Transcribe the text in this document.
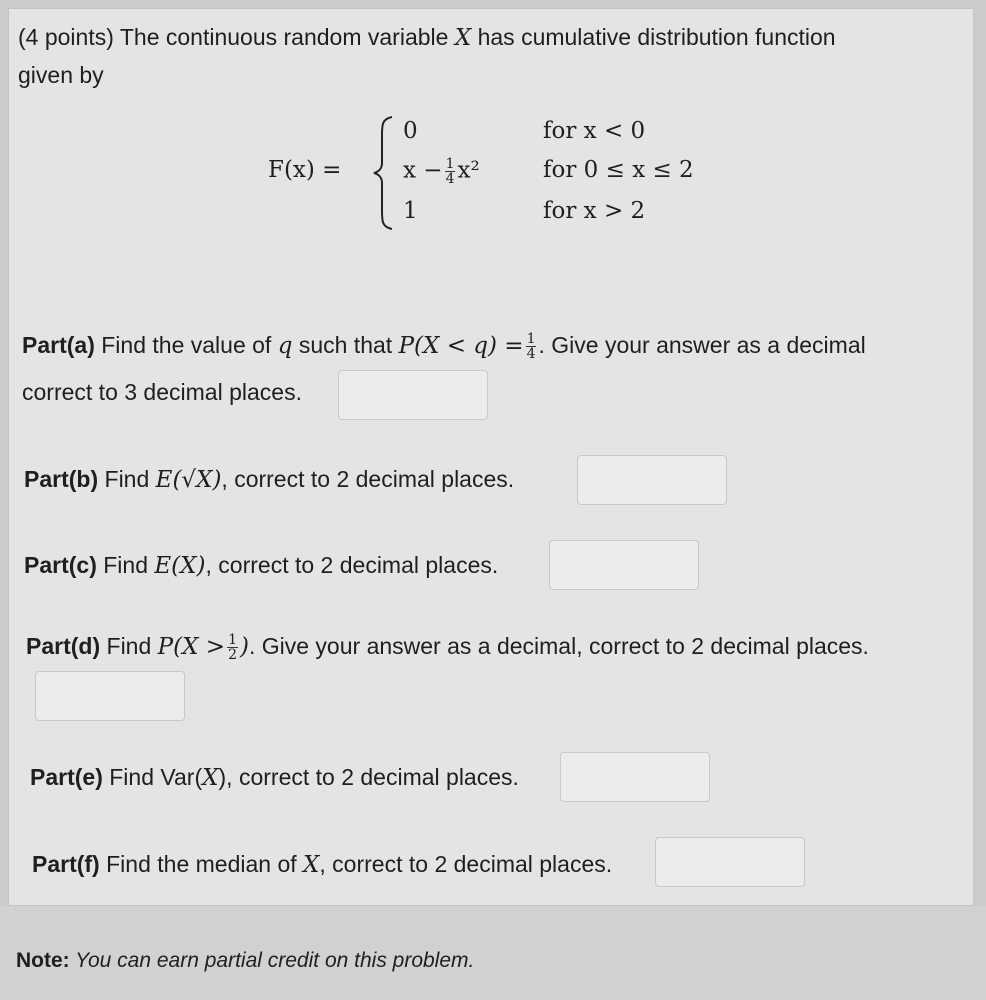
(4 points) The continuous random variable X has cumulative distribution function
given by
F(x) =
0
$x - \frac{1}{4} x^2$
1
for x < 0
for 0 ≤ x ≤ 2
for x > 2
Part(a) Find the value of q such that $P(X < q) = \frac{1}{4}$ . Give your answer as a decimal
correct to 3 decimal places.
Part(b) Find E(√X), correct to 2 decimal places.
Part(c) Find E(X), correct to 2 decimal places.
Part(d) Find $P(X > \frac{1}{2}$ ). Give your answer as a decimal, correct to 2 decimal places.
Part(e) Find Var(X), correct to 2 decimal places.
Part(f) Find the median of X, correct to 2 decimal places.
Note: You can earn partial credit on this problem.
